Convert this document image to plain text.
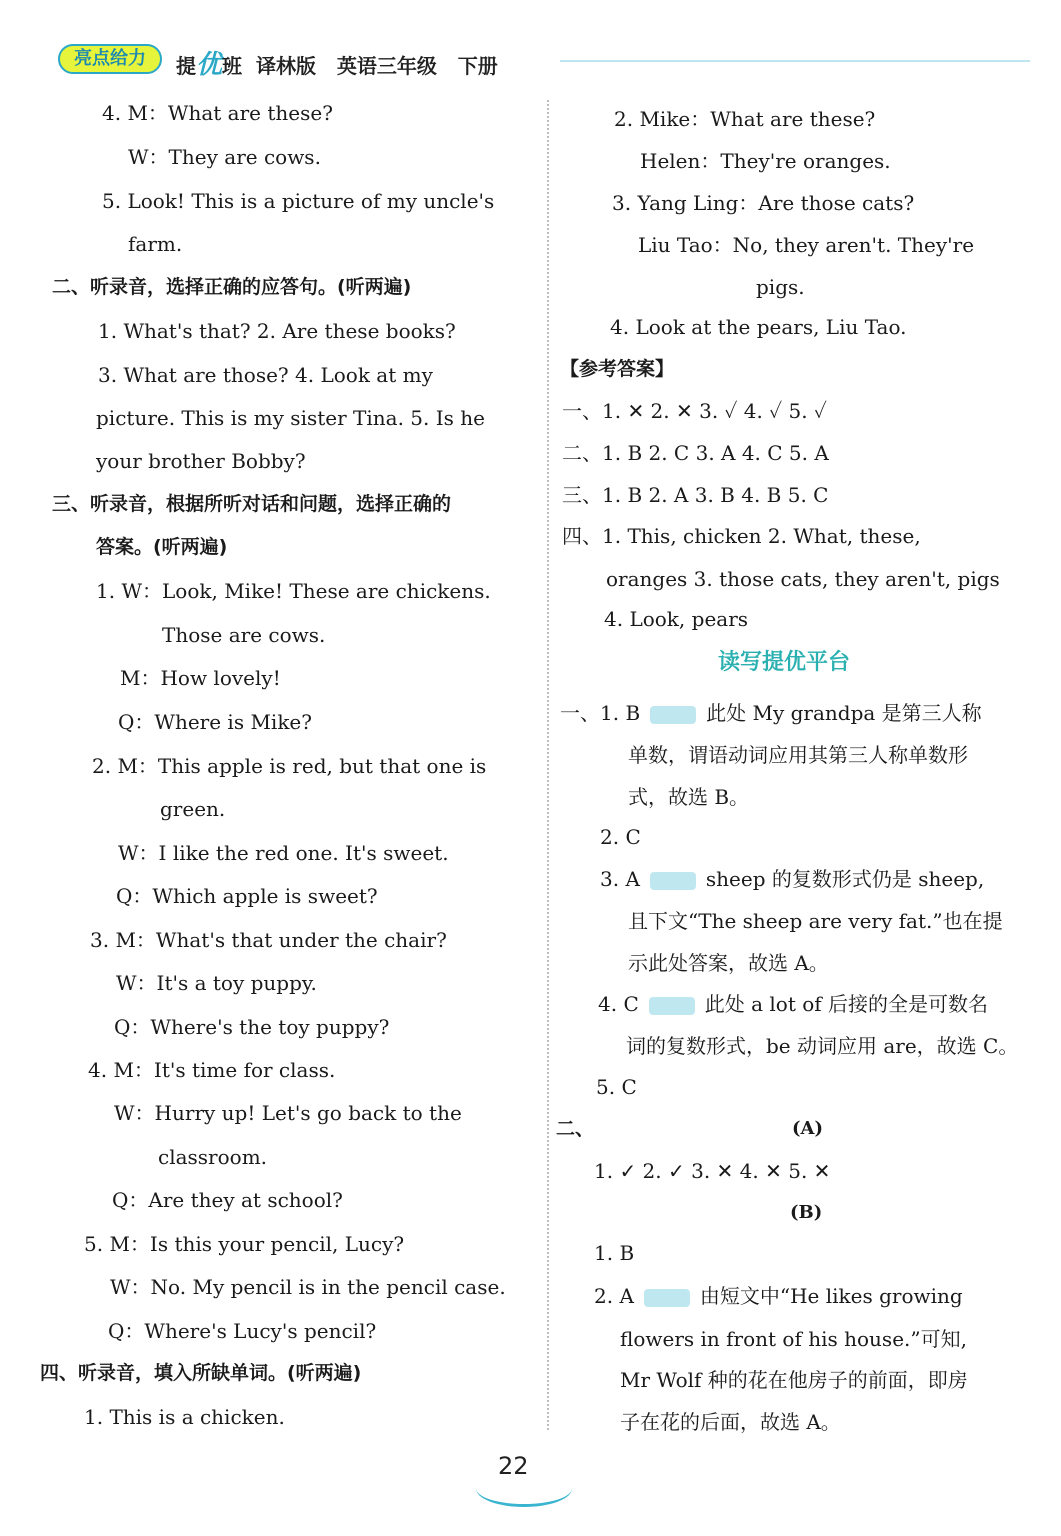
亮点给力	提优班  译林版   英语三年级   下册
4. M：What are these?
W：They are cows.
5. Look! This is a picture of my uncle's
farm.
二、听录音，选择正确的应答句。(听两遍)
1. What's that? 2. Are these books?
3. What are those? 4. Look at my
picture. This is my sister Tina. 5. Is he
your brother Bobby?
三、听录音，根据所听对话和问题，选择正确的
答案。(听两遍)
1. W：Look, Mike! These are chickens.
Those are cows.
M：How lovely!
Q：Where is Mike?
2. M：This apple is red, but that one is
green.
W：I like the red one. It's sweet.
Q：Which apple is sweet?
3. M：What's that under the chair?
W：It's a toy puppy.
Q：Where's the toy puppy?
4. M：It's time for class.
W：Hurry up! Let's go back to the
classroom.
Q：Are they at school?
5. M：Is this your pencil, Lucy?
W：No. My pencil is in the pencil case.
Q：Where's Lucy's pencil?
四、听录音，填入所缺单词。(听两遍)
1. This is a chicken.
2. Mike：What are these?
Helen：They're oranges.
3. Yang Ling：Are those cats?
Liu Tao：No, they aren't. They're
pigs.
4. Look at the pears, Liu Tao.
【参考答案】
一、1. ✕ 2. ✕ 3. ✓ 4. ✓ 5. ✓
二、1. B 2. C 3. A 4. C 5. A
三、1. B 2. A 3. B 4. B 5. C
四、1. This, chicken 2. What, these,
oranges 3. those cats, they aren't, pigs
4. Look, pears
一、1. B	此处 My grandpa 是第三人称
单数，谓语动词应用其第三人称单数形
式，故选 B。
2. C
3. A	sheep 的复数形式仍是 sheep,
且下文“The sheep are very fat.”也在提
示此处答案，故选 A。
4. C	此处 a lot of 后接的全是可数名
词的复数形式，be 动词应用 are，故选 C。
5. C
二、
1. ✓ 2. ✓ 3. ✕ 4. ✕ 5. ✕
1. B
2. A	由短文中“He likes growing
flowers in front of his house.”可知,
Mr Wolf 种的花在他房子的前面，即房
子在花的后面，故选 A。
读写提优平台
(A)
(B)
22
